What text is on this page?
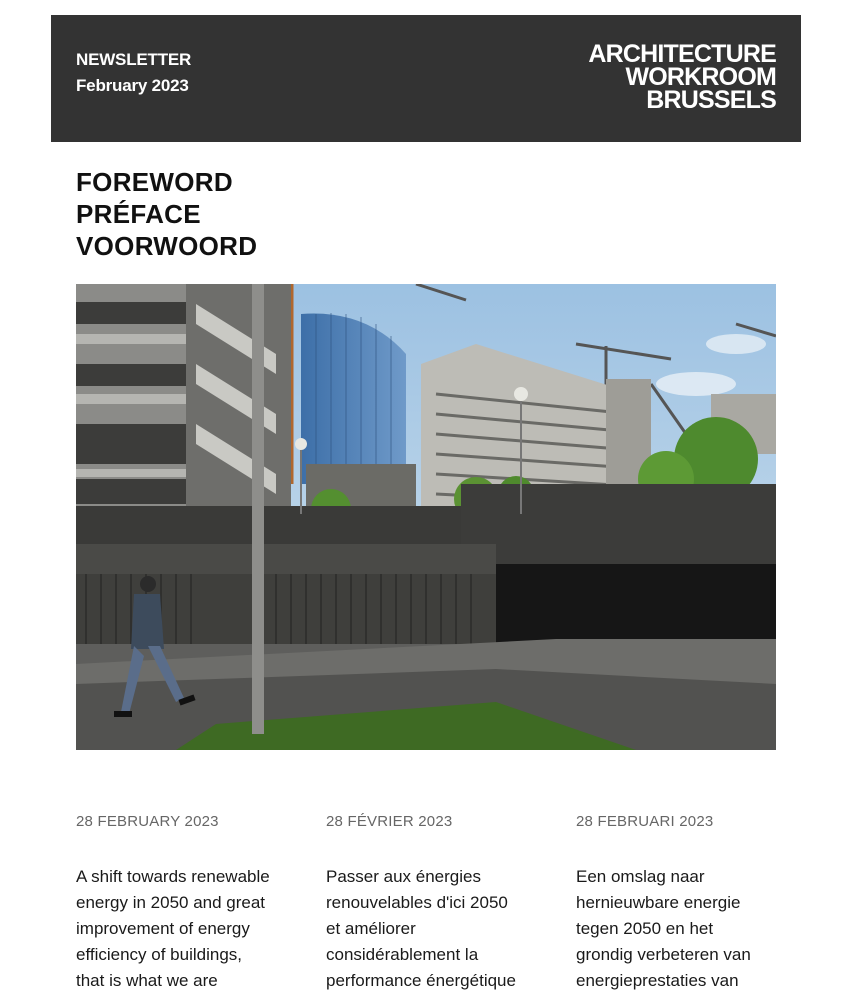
NEWSLETTER
February 2023
ARCHITECTURE
WORKROOM
BRUSSELS
FOREWORD
PRÉFACE
VOORWOORD
28 FEBRUARY 2023
A shift towards renewable
energy in 2050 and great
improvement of energy
efficiency of buildings,
that is what we are
28 FÉVRIER 2023
Passer aux énergies
renouvelables d'ici 2050
et améliorer
considérablement la
performance énergétique
28 FEBRUARI 2023
Een omslag naar
hernieuwbare energie
tegen 2050 en het
grondig verbeteren van
energieprestaties van
